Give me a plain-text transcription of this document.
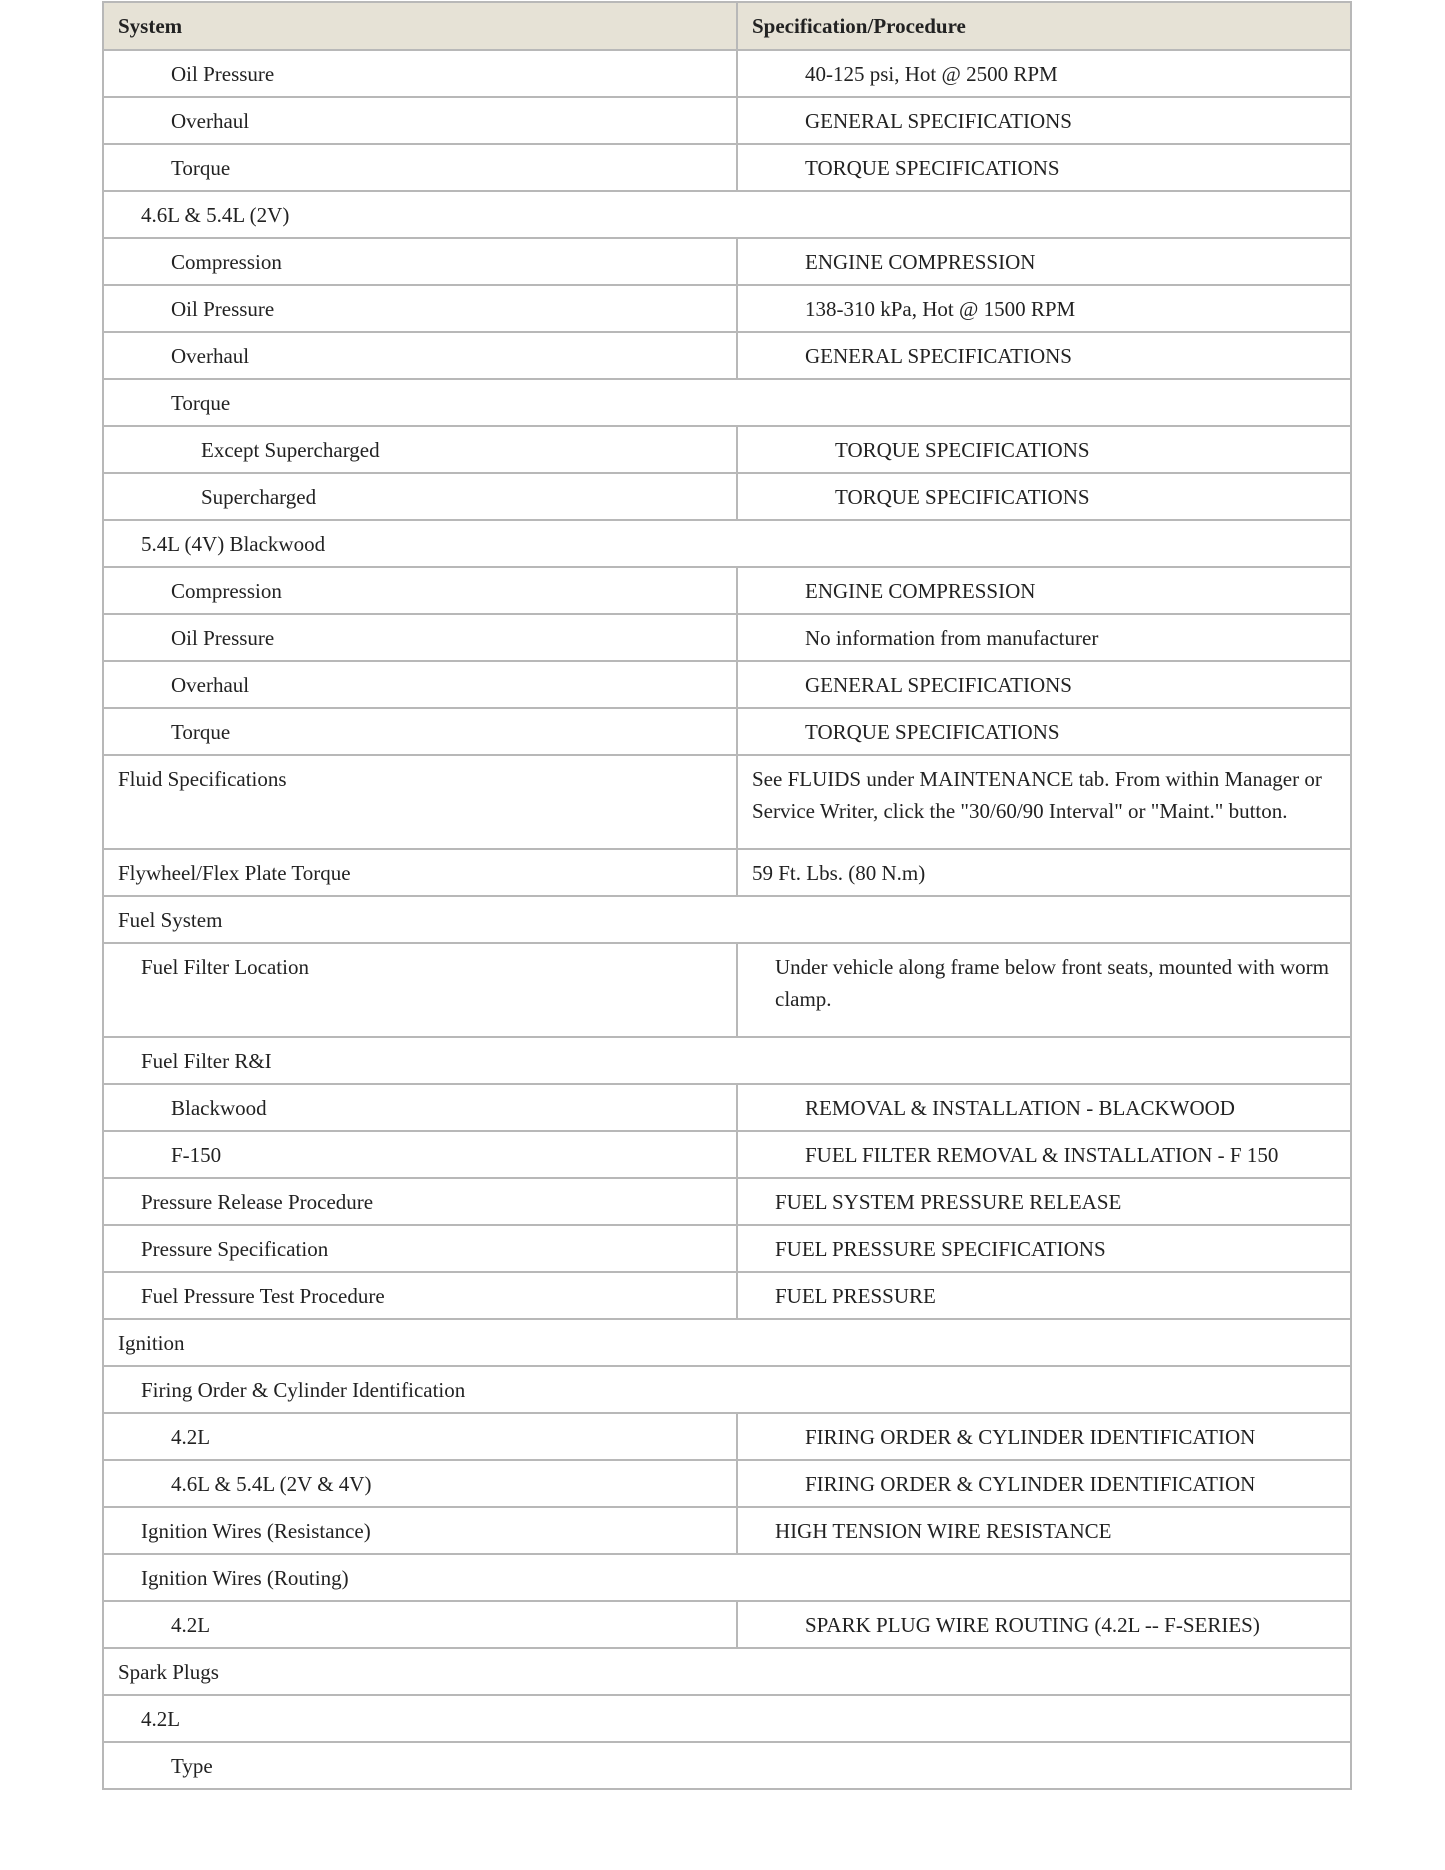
System	Specification/Procedure
Oil Pressure	40-125 psi, Hot @ 2500 RPM
Overhaul	GENERAL SPECIFICATIONS
Torque	TORQUE SPECIFICATIONS
4.6L & 5.4L (2V)	
Compression	ENGINE COMPRESSION
Oil Pressure	138-310 kPa, Hot @ 1500 RPM
Overhaul	GENERAL SPECIFICATIONS
Torque	
Except Supercharged	TORQUE SPECIFICATIONS
Supercharged	TORQUE SPECIFICATIONS
5.4L (4V) Blackwood	
Compression	ENGINE COMPRESSION
Oil Pressure	No information from manufacturer
Overhaul	GENERAL SPECIFICATIONS
Torque	TORQUE SPECIFICATIONS
Fluid Specifications	See FLUIDS under MAINTENANCE tab. From within Manager or Service Writer, click the "30/60/90 Interval" or "Maint." button.
Flywheel/Flex Plate Torque	59 Ft. Lbs. (80 N.m)
Fuel System	
Fuel Filter Location	Under vehicle along frame below front seats, mounted with worm clamp.
Fuel Filter R&I	
Blackwood	REMOVAL & INSTALLATION - BLACKWOOD
F-150	FUEL FILTER REMOVAL & INSTALLATION - F 150
Pressure Release Procedure	FUEL SYSTEM PRESSURE RELEASE
Pressure Specification	FUEL PRESSURE SPECIFICATIONS
Fuel Pressure Test Procedure	FUEL PRESSURE
Ignition	
Firing Order & Cylinder Identification	
4.2L	FIRING ORDER & CYLINDER IDENTIFICATION
4.6L & 5.4L (2V & 4V)	FIRING ORDER & CYLINDER IDENTIFICATION
Ignition Wires (Resistance)	HIGH TENSION WIRE RESISTANCE
Ignition Wires (Routing)	
4.2L	SPARK PLUG WIRE ROUTING (4.2L -- F-SERIES)
Spark Plugs	
4.2L	
Type	
